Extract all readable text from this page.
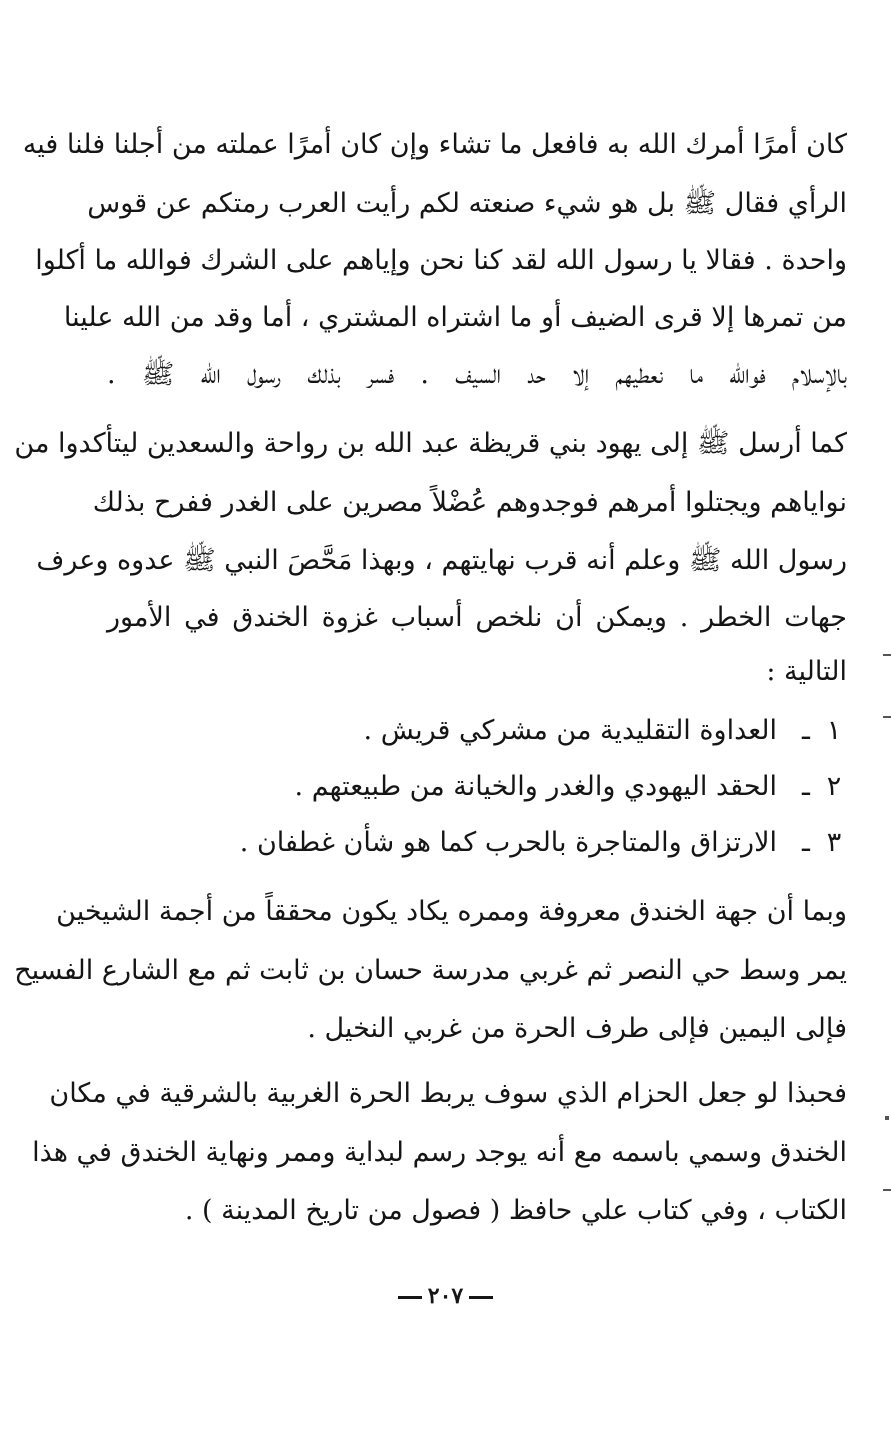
كان أمرًا أمرك الله به فافعل ما تشاء وإن كان أمرًا عملته من أجلنا فلنا فيه
الرأي فقال ﷺ بل هو شيء صنعته لكم رأيت العرب رمتكم عن قوس
واحدة . فقالا يا رسول الله لقد كنا نحن وإياهم على الشرك فوالله ما أكلوا
من تمرها إلا قرى الضيف أو ما اشتراه المشتري ، أما وقد من الله علينا
بالإسلام فوالله ما نعطيهم إلا حد السيف . فسر بذلك رسول الله ﷺ .
كما أرسل ﷺ إلى يهود بني قريظة عبد الله بن رواحة والسعدين ليتأكدوا من
نواياهم ويجتلوا أمرهم فوجدوهم عُضْلاً مصرين على الغدر ففرح بذلك
رسول الله ﷺ وعلم أنه قرب نهايتهم ، وبهذا مَحَّصَ النبي ﷺ عدوه وعرف
جهات الخطر . ويمكن أن نلخص أسباب غزوة الخندق في الأمور
التالية :
١ـالعداوة التقليدية من مشركي قريش .
٢ـالحقد اليهودي والغدر والخيانة من طبيعتهم .
٣ـالارتزاق والمتاجرة بالحرب كما هو شأن غطفان .
وبما أن جهة الخندق معروفة وممره يكاد يكون محققاً من أجمة الشيخين
يمر وسط حي النصر ثم غربي مدرسة حسان بن ثابت ثم مع الشارع الفسيح
فإلى اليمين فإلى طرف الحرة من غربي النخيل .
فحبذا لو جعل الحزام الذي سوف يربط الحرة الغربية بالشرقية في مكان
الخندق وسمي باسمه مع أنه يوجد رسم لبداية وممر ونهاية الخندق في هذا
الكتاب ، وفي كتاب علي حافظ ( فصول من تاريخ المدينة ) .
٢٠٧
